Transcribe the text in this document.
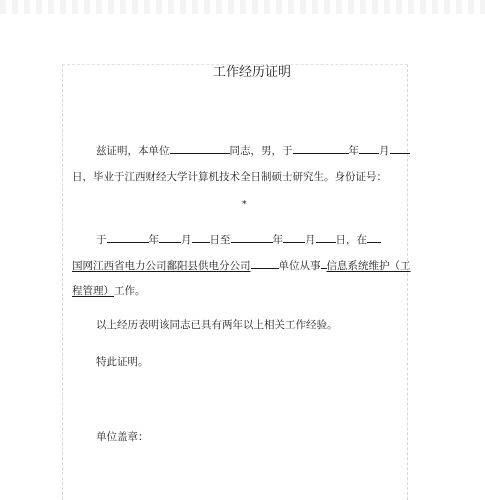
工作经历证明
兹证明，本单位	同志，男，于	年 月
日，毕业于江西财经大学计算机技术全日制硕士研究生。身份证号：
*
于	年 月 日至	年 月 日，在
国网江西省电力公司鄱阳县供电分公司	单位从事 信息系统维护（工
程管理）工作。
以上经历表明该同志已具有两年以上相关工作经验。
特此证明。
单位盖章：
